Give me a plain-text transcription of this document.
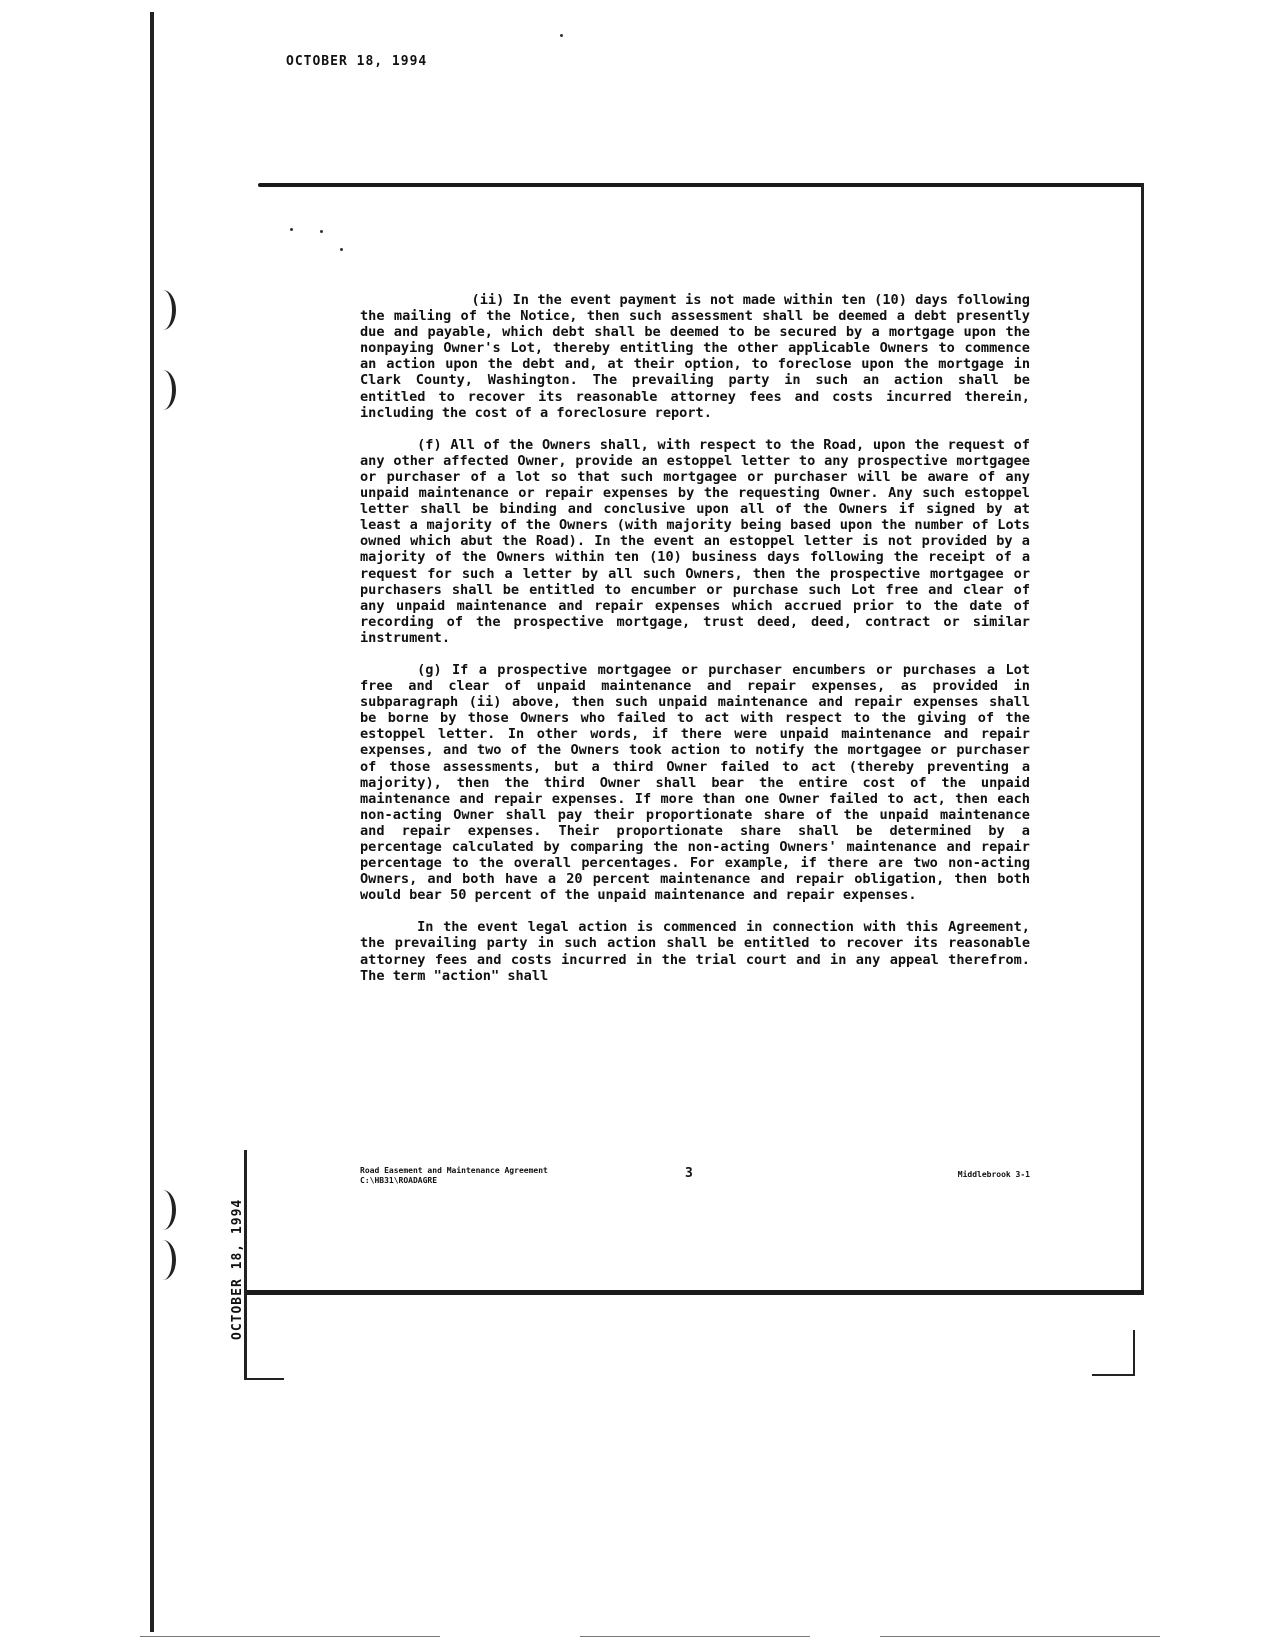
OCTOBER 18, 1994

(ii) In the event payment is not made within ten (10) days following the mailing of the Notice, then such assessment shall be deemed a debt presently due and payable, which debt shall be deemed to be secured by a mortgage upon the nonpaying Owner's Lot, thereby entitling the other applicable Owners to commence an action upon the debt and, at their option, to foreclose upon the mortgage in Clark County, Washington. The prevailing party in such an action shall be entitled to recover its reasonable attorney fees and costs incurred therein, including the cost of a foreclosure report.

(f) All of the Owners shall, with respect to the Road, upon the request of any other affected Owner, provide an estoppel letter to any prospective mortgagee or purchaser of a lot so that such mortgagee or purchaser will be aware of any unpaid maintenance or repair expenses by the requesting Owner. Any such estoppel letter shall be binding and conclusive upon all of the Owners if signed by at least a majority of the Owners (with majority being based upon the number of Lots owned which abut the Road). In the event an estoppel letter is not provided by a majority of the Owners within ten (10) business days following the receipt of a request for such a letter by all such Owners, then the prospective mortgagee or purchasers shall be entitled to encumber or purchase such Lot free and clear of any unpaid maintenance and repair expenses which accrued prior to the date of recording of the prospective mortgage, trust deed, deed, contract or similar instrument.

(g) If a prospective mortgagee or purchaser encumbers or purchases a Lot free and clear of unpaid maintenance and repair expenses, as provided in subparagraph (ii) above, then such unpaid maintenance and repair expenses shall be borne by those Owners who failed to act with respect to the giving of the estoppel letter. In other words, if there were unpaid maintenance and repair expenses, and two of the Owners took action to notify the mortgagee or purchaser of those assessments, but a third Owner failed to act (thereby preventing a majority), then the third Owner shall bear the entire cost of the unpaid maintenance and repair expenses. If more than one Owner failed to act, then each non-acting Owner shall pay their proportionate share of the unpaid maintenance and repair expenses. Their proportionate share shall be determined by a percentage calculated by comparing the non-acting Owners' maintenance and repair percentage to the overall percentages. For example, if there are two non-acting Owners, and both have a 20 percent maintenance and repair obligation, then both would bear 50 percent of the unpaid maintenance and repair expenses.

In the event legal action is commenced in connection with this Agreement, the prevailing party in such action shall be entitled to recover its reasonable attorney fees and costs incurred in the trial court and in any appeal therefrom. The term "action" shall

Road Easement and Maintenance Agreement
C:\HB31\ROADAGRE	3	Middlebrook 3-1
OCTOBER 18, 1994
